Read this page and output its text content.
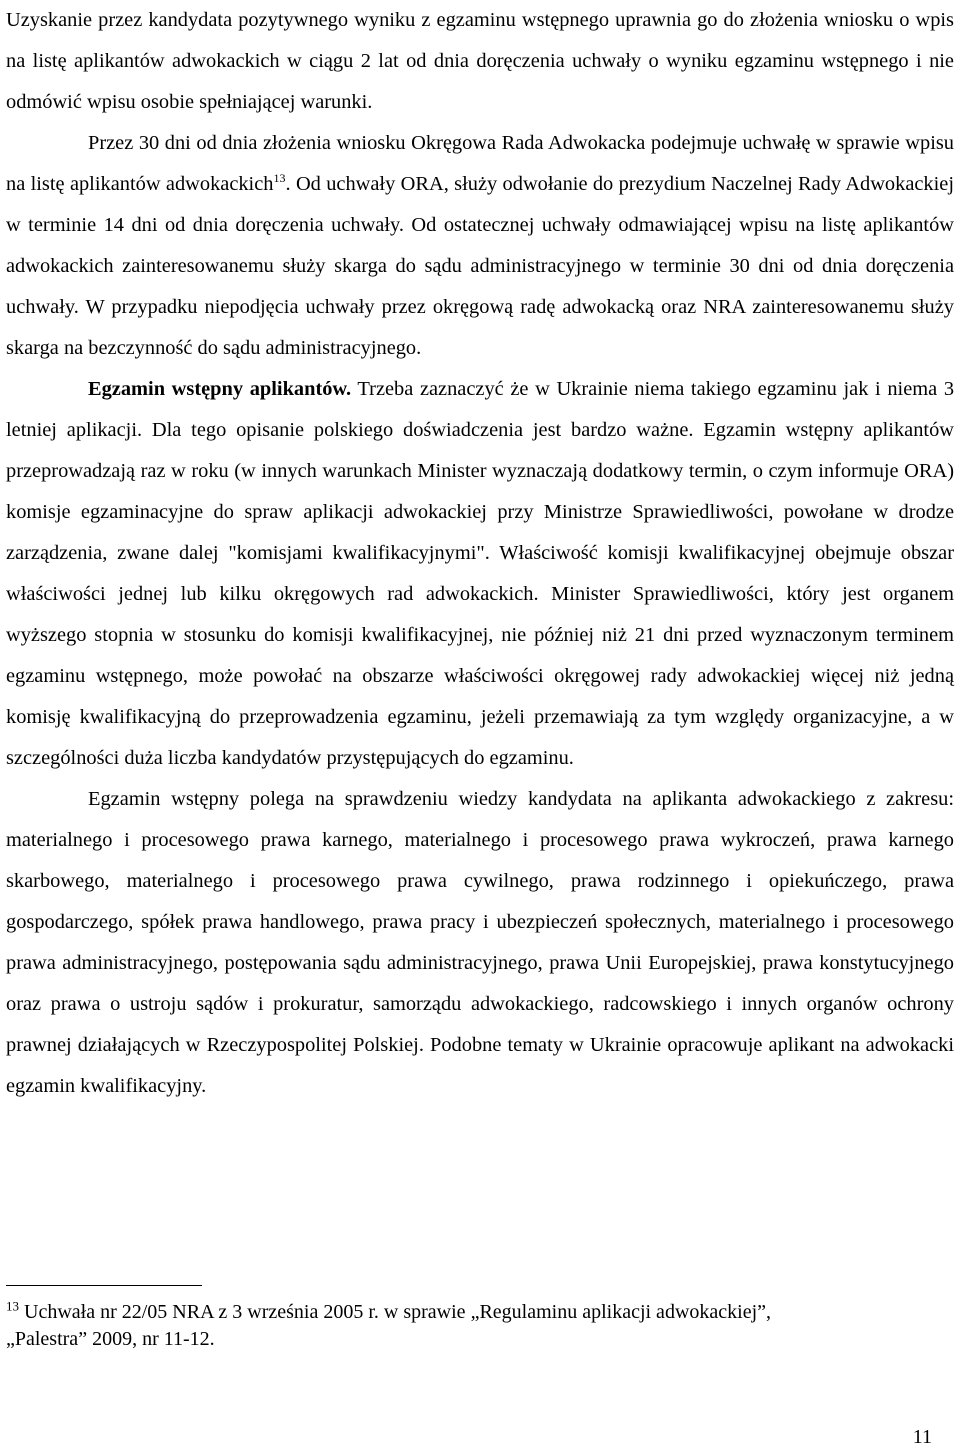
Uzyskanie przez kandydata pozytywnego wyniku z egzaminu wstępnego uprawnia go do złożenia wniosku o wpis na listę aplikantów adwokackich w ciągu 2 lat od dnia doręczenia uchwały o wyniku egzaminu wstępnego i nie odmówić wpisu osobie spełniającej warunki.
Przez 30 dni od dnia złożenia wniosku Okręgowa Rada Adwokacka podejmuje uchwałę w sprawie wpisu na listę aplikantów adwokackich$^{13}$. Od uchwały ORA, służy odwołanie do prezydium Naczelnej Rady Adwokackiej w terminie 14 dni od dnia doręczenia uchwały. Od ostatecznej uchwały odmawiającej wpisu na listę aplikantów adwokackich zainteresowanemu służy skarga do sądu administracyjnego w terminie 30 dni od dnia doręczenia uchwały. W przypadku niepodjęcia uchwały przez okręgową radę adwokacką oraz NRA zainteresowanemu służy skarga na bezczynność do sądu administracyjnego.
Egzamin wstępny aplikantów. Trzeba zaznaczyć że w Ukrainie niema takiego egzaminu jak i niema 3 letniej aplikacji. Dla tego opisanie polskiego doświadczenia jest bardzo ważne. Egzamin wstępny aplikantów przeprowadzają raz w roku (w innych warunkach Minister wyznaczają dodatkowy termin, o czym informuje ORA) komisje egzaminacyjne do spraw aplikacji adwokackiej przy Ministrze Sprawiedliwości, powołane w drodze zarządzenia, zwane dalej "komisjami kwalifikacyjnymi". Właściwość komisji kwalifikacyjnej obejmuje obszar właściwości jednej lub kilku okręgowych rad adwokackich. Minister Sprawiedliwości, który jest organem wyższego stopnia w stosunku do komisji kwalifikacyjnej, nie później niż 21 dni przed wyznaczonym terminem egzaminu wstępnego, może powołać na obszarze właściwości okręgowej rady adwokackiej więcej niż jedną komisję kwalifikacyjną do przeprowadzenia egzaminu, jeżeli przemawiają za tym względy organizacyjne, a w szczególności duża liczba kandydatów przystępujących do egzaminu.
Egzamin wstępny polega na sprawdzeniu wiedzy kandydata na aplikanta adwokackiego z zakresu: materialnego i procesowego prawa karnego, materialnego i procesowego prawa wykroczeń, prawa karnego skarbowego, materialnego i procesowego prawa cywilnego, prawa rodzinnego i opiekuńczego, prawa gospodarczego, spółek prawa handlowego, prawa pracy i ubezpieczeń społecznych, materialnego i procesowego prawa administracyjnego, postępowania sądu administracyjnego, prawa Unii Europejskiej, prawa konstytucyjnego oraz prawa o ustroju sądów i prokuratur, samorządu adwokackiego, radcowskiego i innych organów ochrony prawnej działających w Rzeczypospolitej Polskiej. Podobne tematy w Ukrainie opracowuje aplikant na adwokacki egzamin kwalifikacyjny.

$^{13}$ Uchwała nr 22/05 NRA z 3 września 2005 r. w sprawie „Regulaminu aplikacji adwokackiej”, „Palestra” 2009, nr 11-12.

11
